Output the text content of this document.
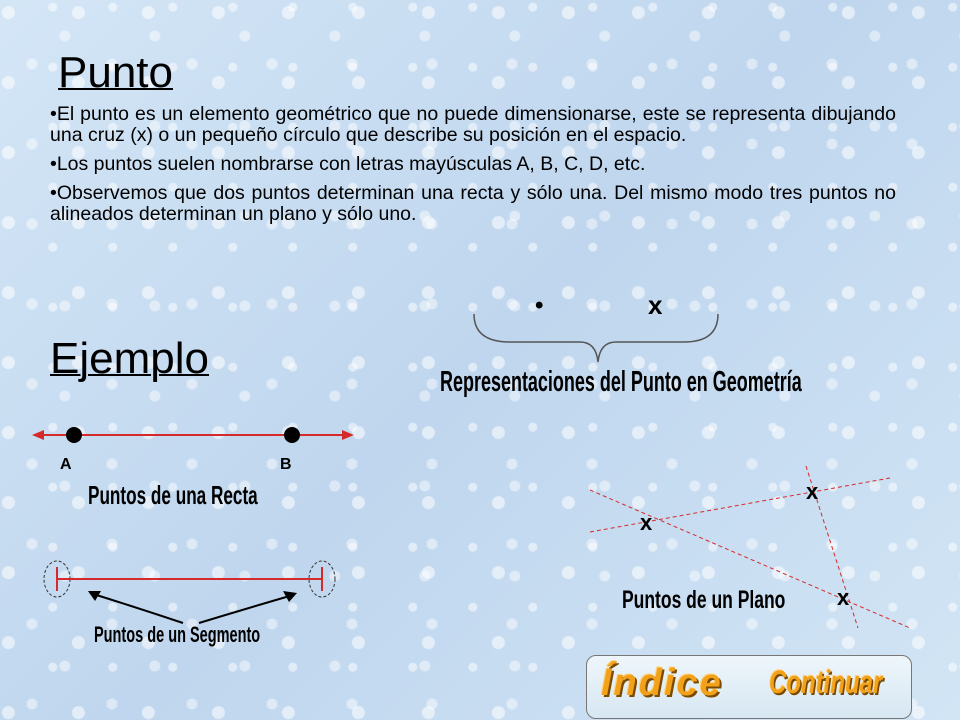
Punto
• El punto es un elemento geométrico que no puede dimensionarse, este se representa dibujando una cruz (x) o un pequeño círculo que describe su posición en el espacio.
• Los puntos suelen nombrarse con letras mayúsculas A, B, C, D, etc.
• Observemos que dos puntos determinan una recta y sólo una. Del mismo modo tres puntos no alineados determinan un plano y sólo uno.
Ejemplo
•	x
Representaciones del Punto en Geometría
A	B
Puntos de una Recta
Puntos de un Segmento
x
x
x
Puntos de un Plano
Índice Continuar
